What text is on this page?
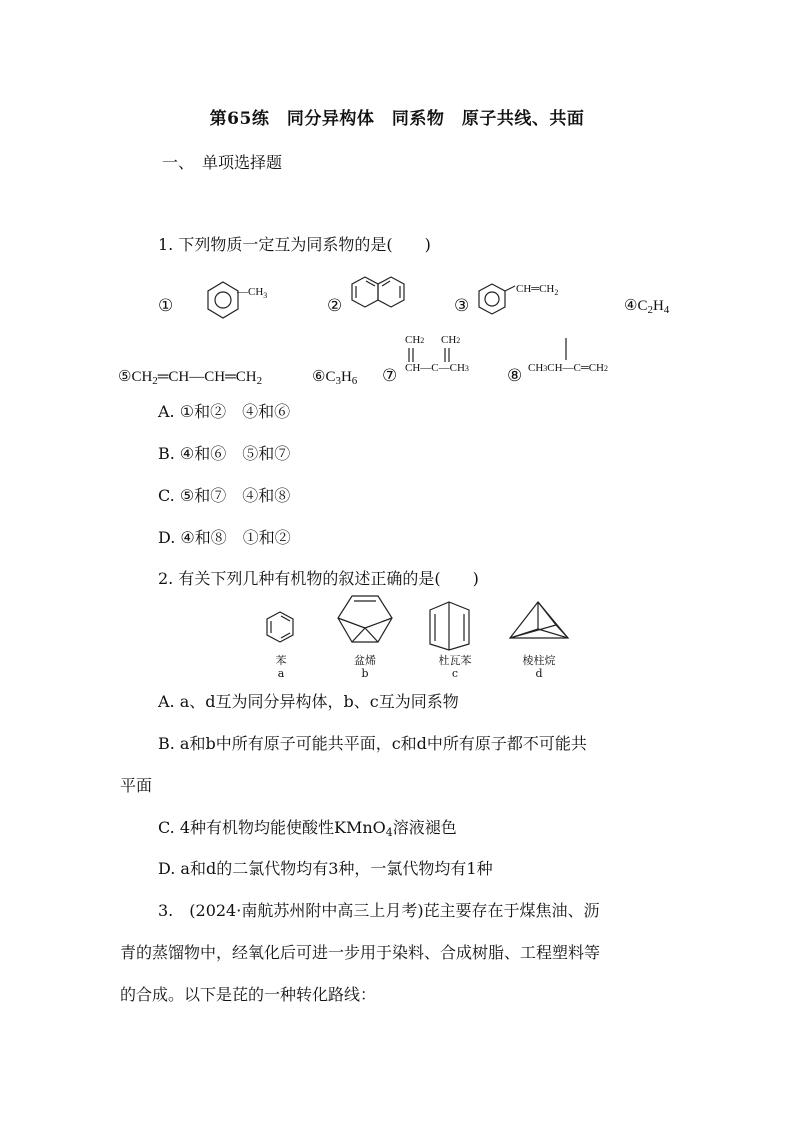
第65练　同分异构体　同系物　原子共线、共面
一、　单项选择题
1. 下列物质一定互为同系物的是(　　)
①
$—CH_3$
②	③
$CH═CH_2$
$④C_2H_4$
$⑤CH_2═CH—CH═CH_2$	$⑥C_3H_6$ ⑦
CH2 CH2
CH—C—CH3 ⑧ CH3CH—C═CH2
A. ①和②　④和⑥
B. ④和⑥　⑤和⑦
C. ⑤和⑦　④和⑧
D. ④和⑧　①和②
2. 有关下列几种有机物的叙述正确的是(　　)
苯
a
盆烯
b
杜瓦苯
c
棱柱烷
d
A. a、d互为同分异构体，b、c互为同系物
B. a和b中所有原子可能共平面，c和d中所有原子都不可能共
平面
C. 4种有机物均能使酸性KMnO$_4$溶液褪色
D. a和d的二氯代物均有3种，一氯代物均有1种
3.　(2024·南航苏州附中高三上月考)芘主要存在于煤焦油、沥
青的蒸馏物中，经氧化后可进一步用于染料、合成树脂、工程塑料等
的合成。以下是芘的一种转化路线：
